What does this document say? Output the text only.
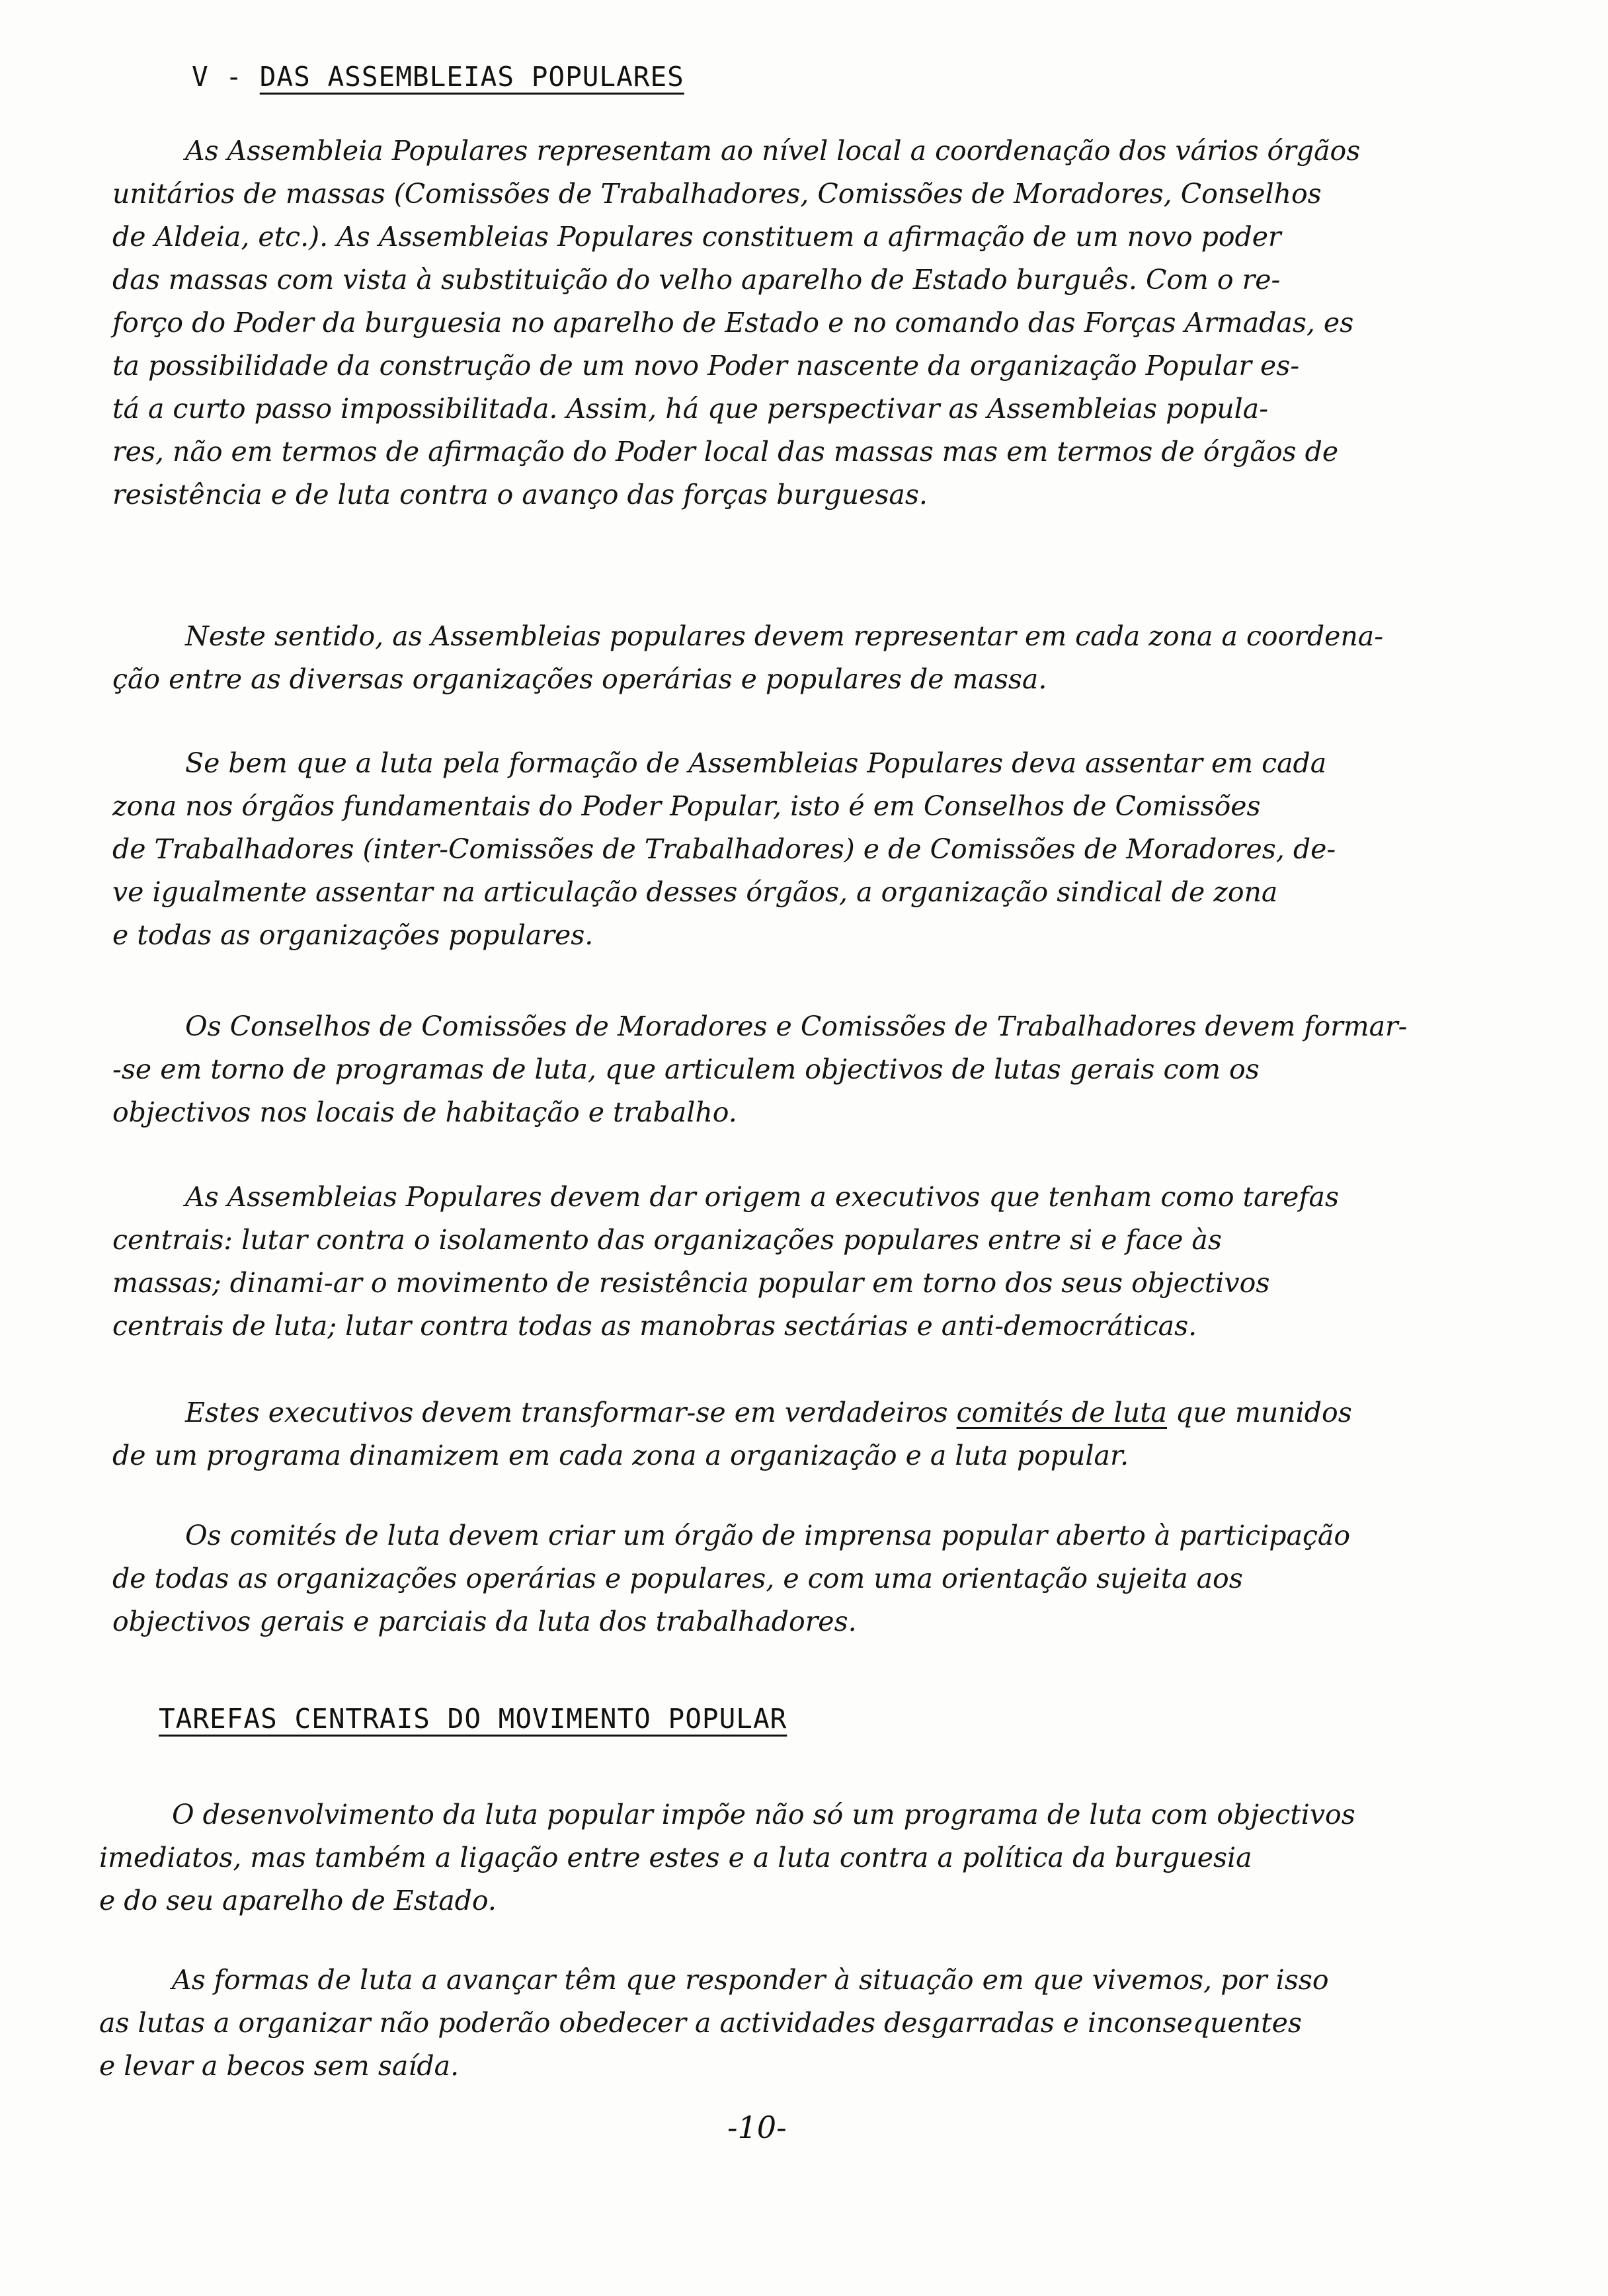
V - DAS ASSEMBLEIAS POPULARES
As Assembleia Populares representam ao nível local a coordenação dos vários órgãos
unitários de massas (Comissões de Trabalhadores, Comissões de Moradores, Conselhos
de Aldeia, etc.). As Assembleias Populares constituem a afirmação de um novo poder
das massas com vista à substituição do velho aparelho de Estado burguês. Com o re-
forço do Poder da burguesia no aparelho de Estado e no comando das Forças Armadas, es
ta possibilidade da construção de um novo Poder nascente da organização Popular es-
tá a curto passo impossibilitada. Assim, há que perspectivar as Assembleias popula-
res, não em termos de afirmação do Poder local das massas mas em termos de órgãos de
resistência e de luta contra o avanço das forças burguesas.
Neste sentido, as Assembleias populares devem representar em cada zona a coordena-
ção entre as diversas organizações operárias e populares de massa.
Se bem que a luta pela formação de Assembleias Populares deva assentar em cada
zona nos órgãos fundamentais do Poder Popular, isto é em Conselhos de Comissões
de Trabalhadores (inter-Comissões de Trabalhadores) e de Comissões de Moradores, de-
ve igualmente assentar na articulação desses órgãos, a organização sindical de zona
e todas as organizações populares.
Os Conselhos de Comissões de Moradores e Comissões de Trabalhadores devem formar-
-se em torno de programas de luta, que articulem objectivos de lutas gerais com os
objectivos nos locais de habitação e trabalho.
As Assembleias Populares devem dar origem a executivos que tenham como tarefas
centrais: lutar contra o isolamento das organizações populares entre si e face às
massas; dinami-ar o movimento de resistência popular em torno dos seus objectivos
centrais de luta; lutar contra todas as manobras sectárias e anti-democráticas.
Estes executivos devem transformar-se em verdadeiros comités de luta que munidos
de um programa dinamizem em cada zona a organização e a luta popular.
Os comités de luta devem criar um órgão de imprensa popular aberto à participação
de todas as organizações operárias e populares, e com uma orientação sujeita aos
objectivos gerais e parciais da luta dos trabalhadores.
TAREFAS CENTRAIS DO MOVIMENTO POPULAR
O desenvolvimento da luta popular impõe não só um programa de luta com objectivos
imediatos, mas também a ligação entre estes e a luta contra a política da burguesia
e do seu aparelho de Estado.
As formas de luta a avançar têm que responder à situação em que vivemos, por isso
as lutas a organizar não poderão obedecer a actividades desgarradas e inconsequentes
e levar a becos sem saída.
-10-
